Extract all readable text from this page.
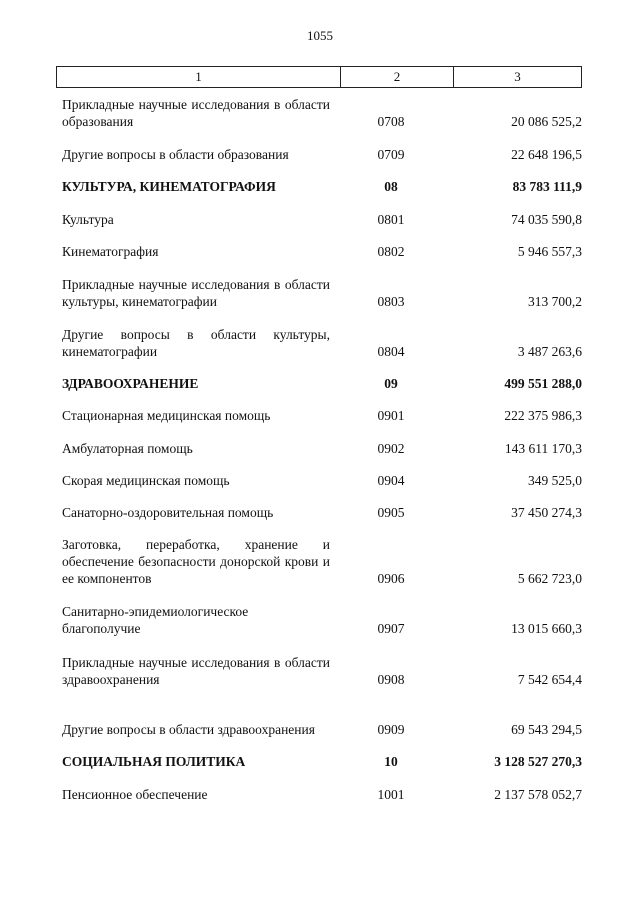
1055
1	2	3
Прикладные научные исследования в области образования	0708	20 086 525,2
Другие вопросы в области образования	0709	22 648 196,5
КУЛЬТУРА, КИНЕМАТОГРАФИЯ	08	83 783 111,9
Культура	0801	74 035 590,8
Кинематография	0802	5 946 557,3
Прикладные научные исследования в области культуры, кинематографии	0803	313 700,2
Другие вопросы в области культуры, кинематографии	0804	3 487 263,6
ЗДРАВООХРАНЕНИЕ	09	499 551 288,0
Стационарная медицинская помощь	0901	222 375 986,3
Амбулаторная помощь	0902	143 611 170,3
Скорая медицинская помощь	0904	349 525,0
Санаторно-оздоровительная помощь	0905	37 450 274,3
Заготовка, переработка, хранение и обеспечение безопасности донорской крови и ее компонентов	0906	5 662 723,0
Санитарно-эпидемиологическое благополучие	0907	13 015 660,3
Прикладные научные исследования в области здравоохранения	0908	7 542 654,4
Другие вопросы в области здравоохранения	0909	69 543 294,5
СОЦИАЛЬНАЯ ПОЛИТИКА	10	3 128 527 270,3
Пенсионное обеспечение	1001	2 137 578 052,7
